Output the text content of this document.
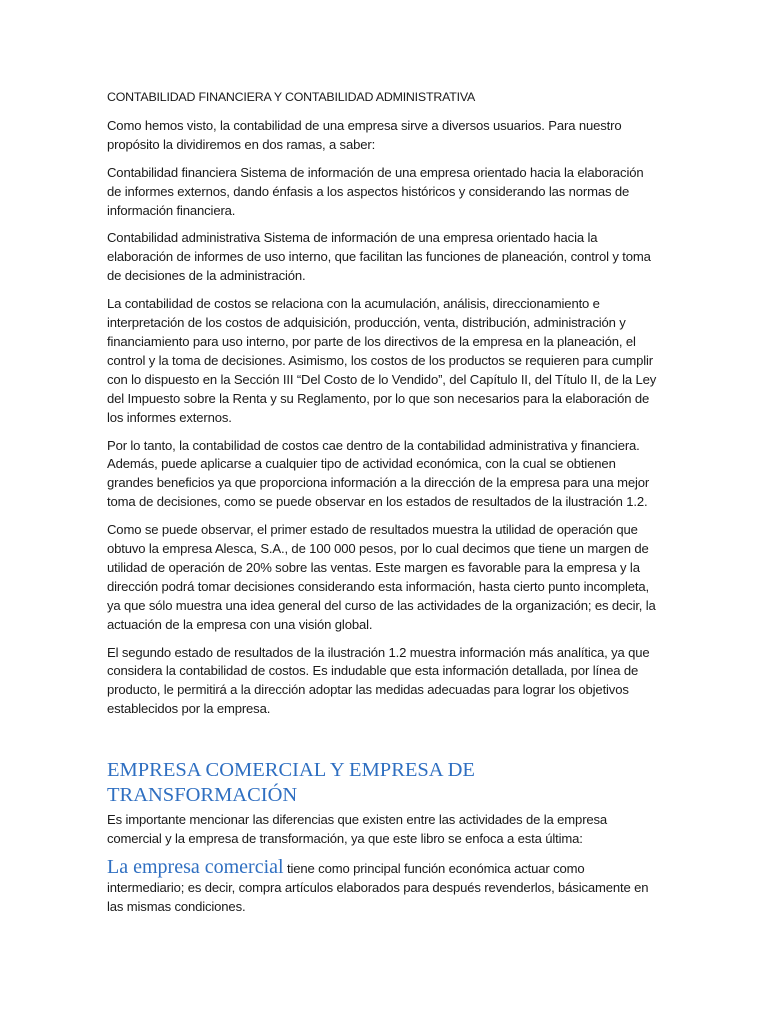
CONTABILIDAD FINANCIERA Y CONTABILIDAD ADMINISTRATIVA

Como hemos visto, la contabilidad de una empresa sirve a diversos usuarios. Para nuestro propósito la dividiremos en dos ramas, a saber:

Contabilidad financiera Sistema de información de una empresa orientado hacia la elaboración de informes externos, dando énfasis a los aspectos históricos y considerando las normas de información financiera.

Contabilidad administrativa Sistema de información de una empresa orientado hacia la elaboración de informes de uso interno, que facilitan las funciones de planeación, control y toma de decisiones de la administración.

La contabilidad de costos se relaciona con la acumulación, análisis, direccionamiento e interpretación de los costos de adquisición, producción, venta, distribución, administración y financiamiento para uso interno, por parte de los directivos de la empresa en la planeación, el control y la toma de decisiones. Asimismo, los costos de los productos se requieren para cumplir con lo dispuesto en la Sección III “Del Costo de lo Vendido”, del Capítulo II, del Título II, de la Ley del Impuesto sobre la Renta y su Reglamento, por lo que son necesarios para la elaboración de los informes externos.

Por lo tanto, la contabilidad de costos cae dentro de la contabilidad administrativa y financiera. Además, puede aplicarse a cualquier tipo de actividad económica, con la cual se obtienen grandes beneficios ya que proporciona información a la dirección de la empresa para una mejor toma de decisiones, como se puede observar en los estados de resultados de la ilustración 1.2.

Como se puede observar, el primer estado de resultados muestra la utilidad de operación que obtuvo la empresa Alesca, S.A., de 100 000 pesos, por lo cual decimos que tiene un margen de utilidad de operación de 20% sobre las ventas. Este margen es favorable para la empresa y la dirección podrá tomar decisiones considerando esta información, hasta cierto punto incompleta, ya que sólo muestra una idea general del curso de las actividades de la organización; es decir, la actuación de la empresa con una visión global.

El segundo estado de resultados de la ilustración 1.2 muestra información más analítica, ya que considera la contabilidad de costos. Es indudable que esta información detallada, por línea de producto, le permitirá a la dirección adoptar las medidas adecuadas para lograr los objetivos establecidos por la empresa.

EMPRESA COMERCIAL Y EMPRESA DE TRANSFORMACIÓN

Es importante mencionar las diferencias que existen entre las actividades de la empresa comercial y la empresa de transformación, ya que este libro se enfoca a esta última:

La empresa comercial tiene como principal función económica actuar como intermediario; es decir, compra artículos elaborados para después revenderlos, básicamente en las mismas condiciones.
